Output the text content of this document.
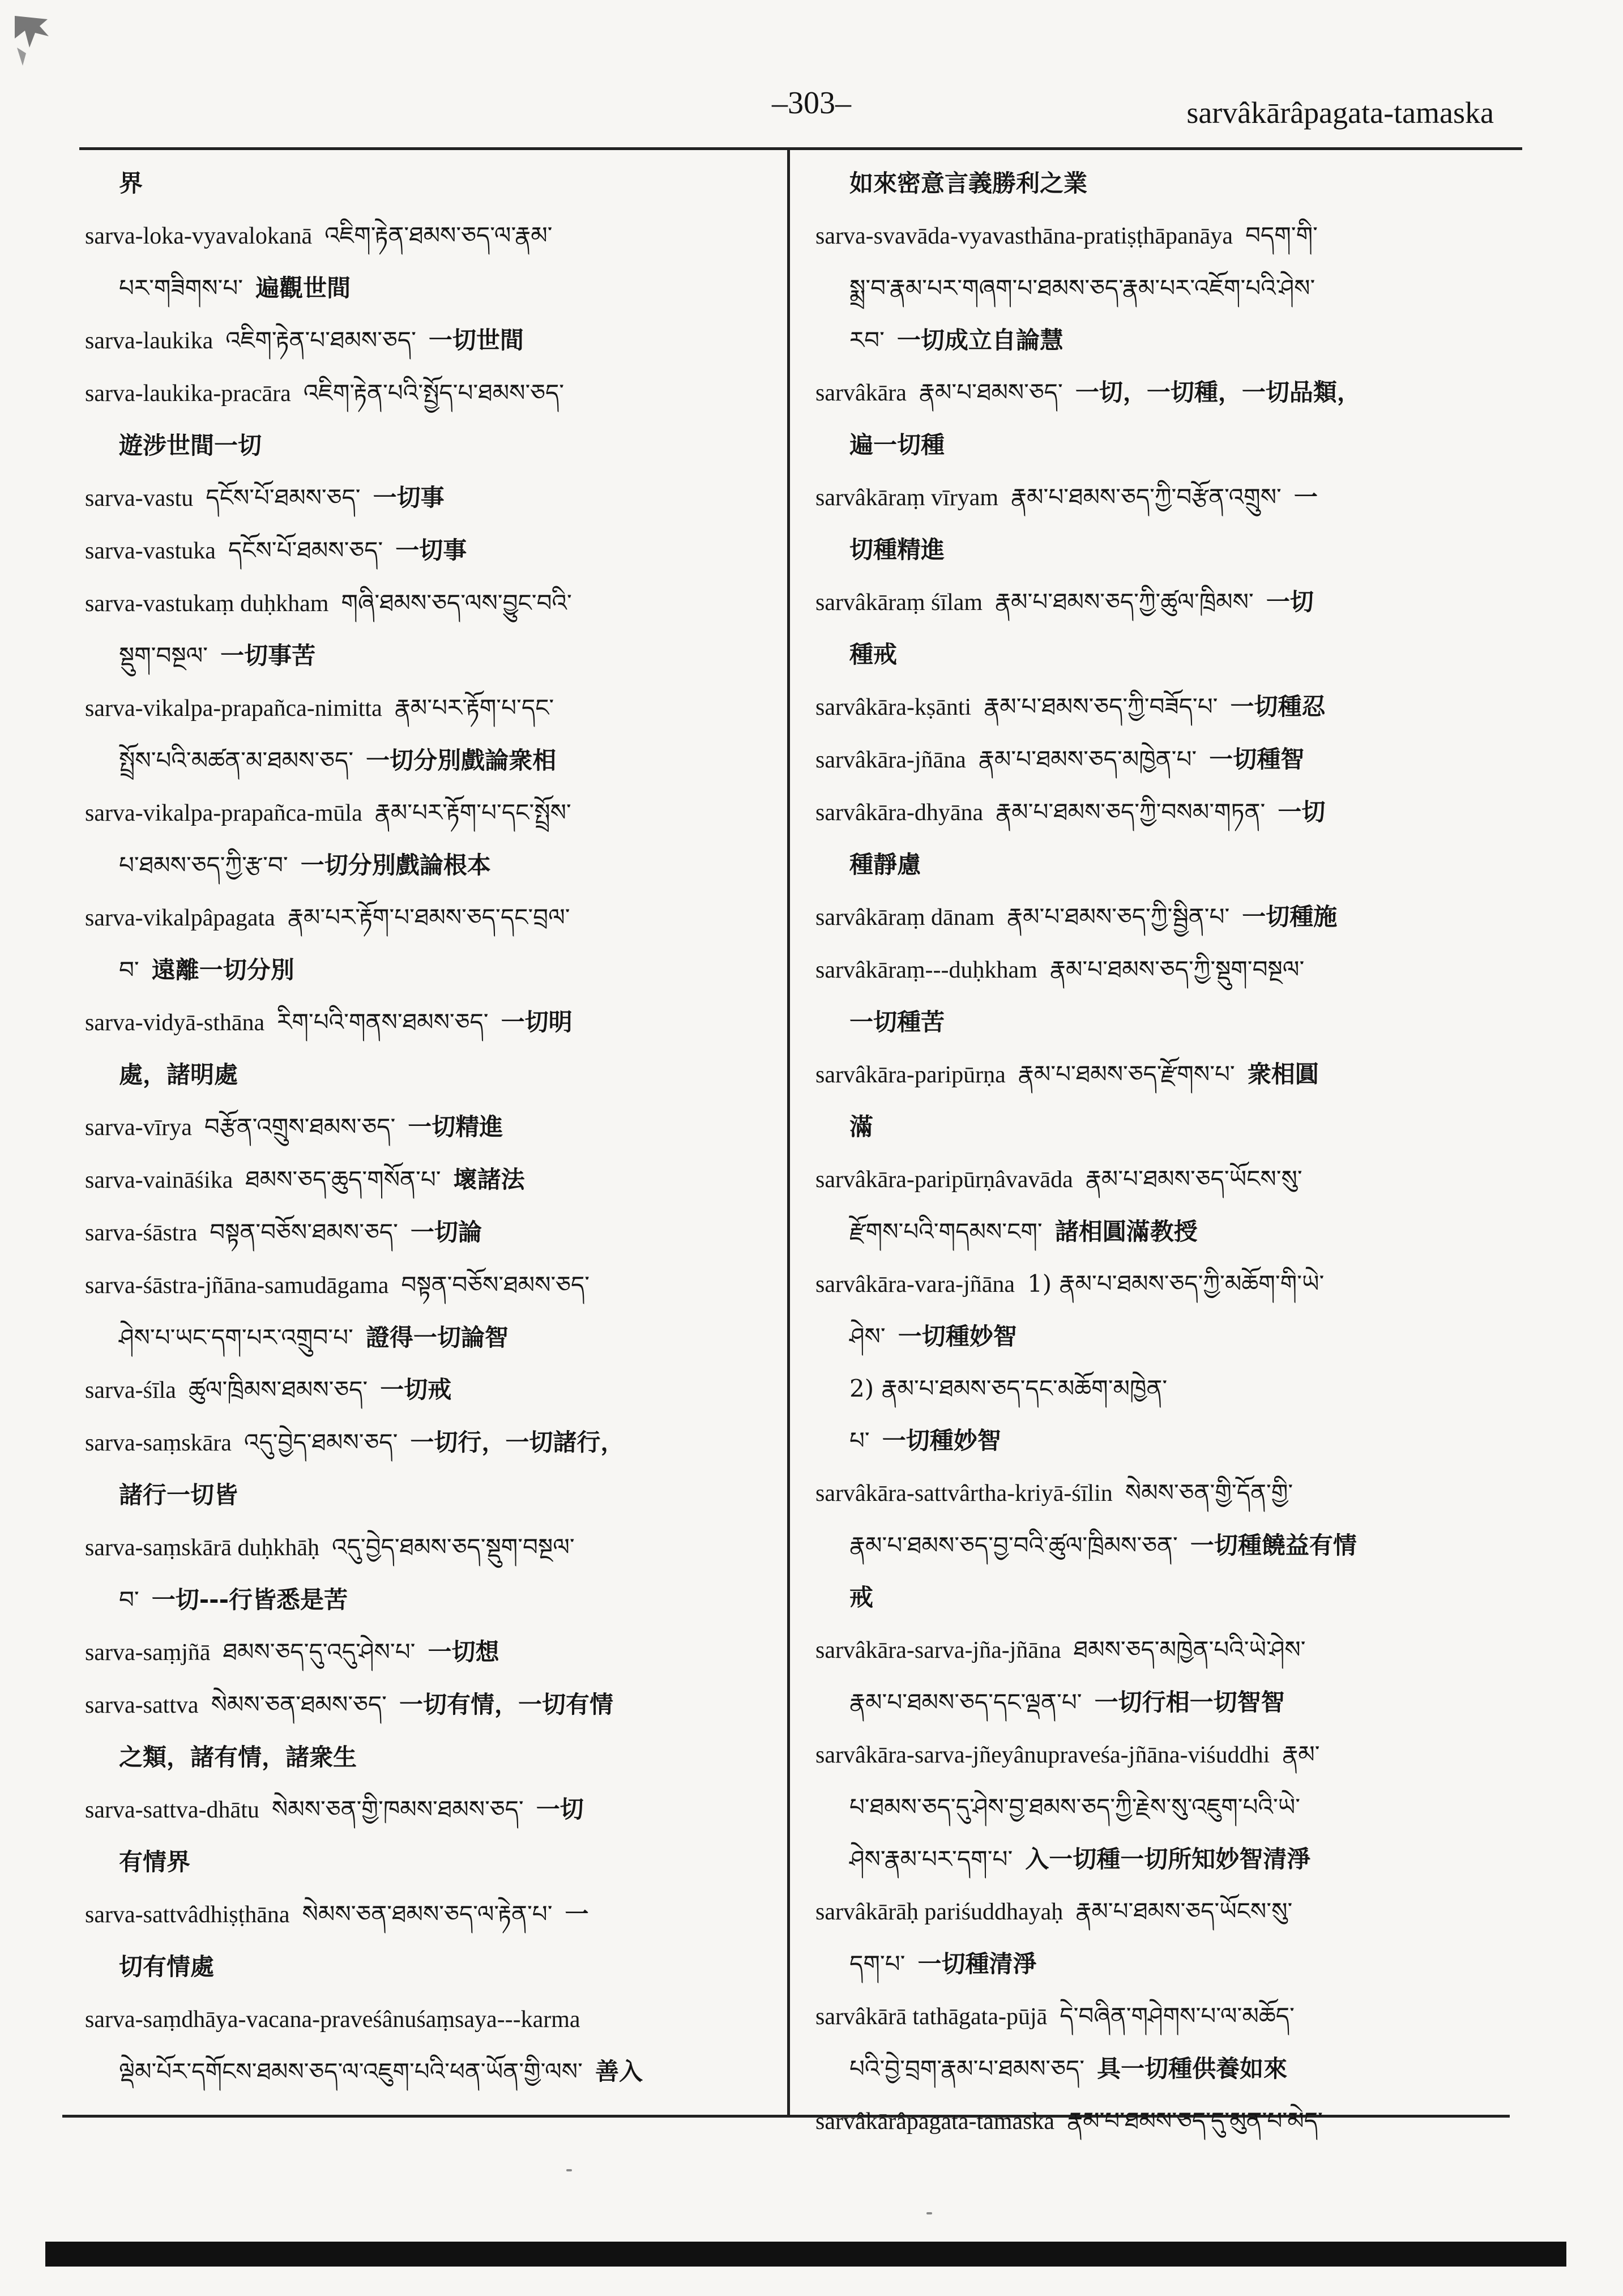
–303–	sarvâkārâpagata-tamaska
界
sarva-loka-vyavalokanā འཇིག་རྟེན་ཐམས་ཅད་ལ་རྣམ་
པར་གཟིགས་པ་ 遍觀世間
sarva-laukika འཇིག་རྟེན་པ་ཐམས་ཅད་ 一切世間
sarva-laukika-pracāra འཇིག་རྟེན་པའི་སྤྱོད་པ་ཐམས་ཅད་
遊涉世間一切
sarva-vastu དངོས་པོ་ཐམས་ཅད་ 一切事
sarva-vastuka དངོས་པོ་ཐམས་ཅད་ 一切事
sarva-vastukaṃ duḥkham གཞི་ཐམས་ཅད་ལས་བྱུང་བའི་
སྡུག་བསྔལ་ 一切事苦
sarva-vikalpa-prapañca-nimitta རྣམ་པར་རྟོག་པ་དང་
སྤྲོས་པའི་མཚན་མ་ཐམས་ཅད་ 一切分別戲論衆相
sarva-vikalpa-prapañca-mūla རྣམ་པར་རྟོག་པ་དང་སྤྲོས་
པ་ཐམས་ཅད་ཀྱི་རྩ་བ་ 一切分別戲論根本
sarva-vikalpâpagata རྣམ་པར་རྟོག་པ་ཐམས་ཅད་དང་བྲལ་
བ་ 遠離一切分別
sarva-vidyā-sthāna རིག་པའི་གནས་ཐམས་ཅད་ 一切明
處，諸明處
sarva-vīrya བརྩོན་འགྲུས་ཐམས་ཅད་ 一切精進
sarva-vaināśika ཐམས་ཅད་ཆུད་གསོན་པ་ 壞諸法
sarva-śāstra བསྟན་བཅོས་ཐམས་ཅད་ 一切論
sarva-śāstra-jñāna-samudāgama བསྟན་བཅོས་ཐམས་ཅད་
ཤེས་པ་ཡང་དག་པར་འགྲུབ་པ་ 證得一切論智
sarva-śīla ཚུལ་ཁྲིམས་ཐམས་ཅད་ 一切戒
sarva-saṃskāra འདུ་བྱེད་ཐམས་ཅད་ 一切行，一切諸行，
諸行一切皆
sarva-saṃskārā duḥkhāḥ འདུ་བྱེད་ཐམས་ཅད་སྡུག་བསྔལ་
བ་ 一切---行皆悉是苦
sarva-saṃjñā ཐམས་ཅད་དུ་འདུ་ཤེས་པ་ 一切想
sarva-sattva སེམས་ཅན་ཐམས་ཅད་ 一切有情，一切有情
之類，諸有情，諸衆生
sarva-sattva-dhātu སེམས་ཅན་གྱི་ཁམས་ཐམས་ཅད་ 一切
有情界
sarva-sattvâdhiṣṭhāna སེམས་ཅན་ཐམས་ཅད་ལ་རྟེན་པ་ 一
切有情處
sarva-saṃdhāya-vacana-praveśânuśaṃsaya---karma
ལྡེམ་པོར་དགོངས་ཐམས་ཅད་ལ་འཇུག་པའི་ཕན་ཡོན་གྱི་ལས་ 善入
如來密意言義勝利之業
sarva-svavāda-vyavasthāna-pratiṣṭhāpanāya བདག་གི་
སྨྲ་བ་རྣམ་པར་གཞག་པ་ཐམས་ཅད་རྣམ་པར་འཇོག་པའི་ཤེས་
རབ་ 一切成立自論慧
sarvâkāra རྣམ་པ་ཐམས་ཅད་ 一切，一切種，一切品類，
遍一切種
sarvâkāraṃ vīryam རྣམ་པ་ཐམས་ཅད་ཀྱི་བརྩོན་འགྲུས་ 一
切種精進
sarvâkāraṃ śīlam རྣམ་པ་ཐམས་ཅད་ཀྱི་ཚུལ་ཁྲིམས་ 一切
種戒
sarvâkāra-kṣānti རྣམ་པ་ཐམས་ཅད་ཀྱི་བཟོད་པ་ 一切種忍
sarvâkāra-jñāna རྣམ་པ་ཐམས་ཅད་མཁྱེན་པ་ 一切種智
sarvâkāra-dhyāna རྣམ་པ་ཐམས་ཅད་ཀྱི་བསམ་གཏན་ 一切
種靜慮
sarvâkāraṃ dānam རྣམ་པ་ཐམས་ཅད་ཀྱི་སྦྱིན་པ་ 一切種施
sarvâkāraṃ---duḥkham རྣམ་པ་ཐམས་ཅད་ཀྱི་སྡུག་བསྔལ་
一切種苦
sarvâkāra-paripūrṇa རྣམ་པ་ཐམས་ཅད་རྫོགས་པ་ 衆相圓
滿
sarvâkāra-paripūrṇâvavāda རྣམ་པ་ཐམས་ཅད་ཡོངས་སུ་
རྫོགས་པའི་གདམས་ངག་ 諸相圓滿教授
sarvâkāra-vara-jñāna 1) རྣམ་པ་ཐམས་ཅད་ཀྱི་མཆོག་གི་ཡེ་
ཤེས་ 一切種妙智
2) རྣམ་པ་ཐམས་ཅད་དང་མཆོག་མཁྱེན་
པ་ 一切種妙智
sarvâkāra-sattvârtha-kriyā-śīlin སེམས་ཅན་གྱི་དོན་གྱི་
རྣམ་པ་ཐམས་ཅད་བྱ་བའི་ཚུལ་ཁྲིམས་ཅན་ 一切種饒益有情
戒
sarvâkāra-sarva-jña-jñāna ཐམས་ཅད་མཁྱེན་པའི་ཡེ་ཤེས་
རྣམ་པ་ཐམས་ཅད་དང་ལྡན་པ་ 一切行相一切智智
sarvâkāra-sarva-jñeyânupraveśa-jñāna-viśuddhi རྣམ་
པ་ཐམས་ཅད་དུ་ཤེས་བྱ་ཐམས་ཅད་ཀྱི་རྗེས་སུ་འཇུག་པའི་ཡེ་
ཤེས་རྣམ་པར་དག་པ་ 入一切種一切所知妙智清淨
sarvâkārāḥ pariśuddhayaḥ རྣམ་པ་ཐམས་ཅད་ཡོངས་སུ་
དག་པ་ 一切種清淨
sarvâkārā tathāgata-pūjā དེ་བཞིན་གཤེགས་པ་ལ་མཆོད་
པའི་བྱེ་བྲག་རྣམ་པ་ཐམས་ཅད་ 具一切種供養如來
sarvâkārâpagata-tamaska རྣམ་པ་ཐམས་ཅད་དུ་མུན་པ་མེད་
